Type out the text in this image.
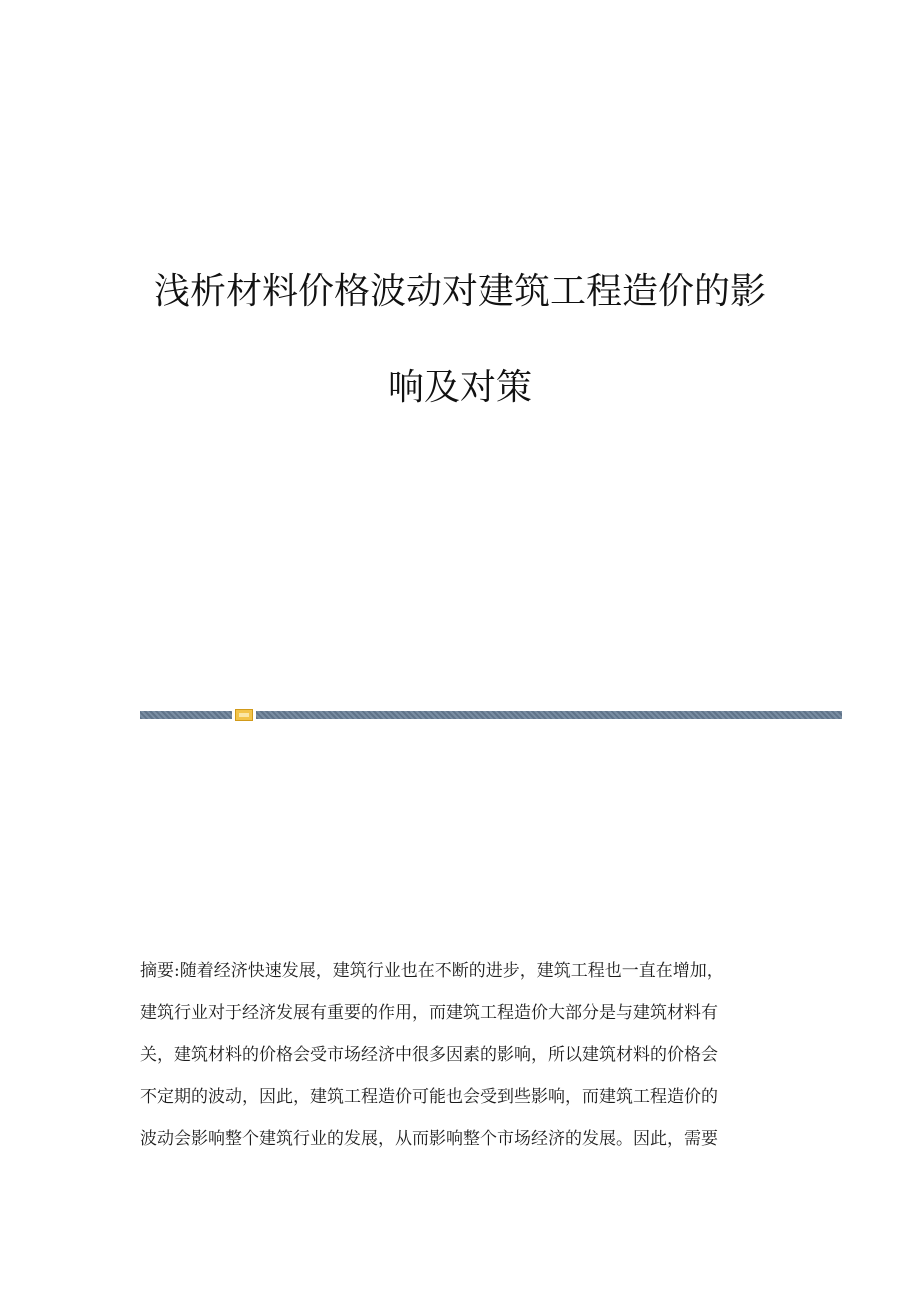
浅析材料价格波动对建筑工程造价的影
响及对策
摘要:随着经济快速发展，建筑行业也在不断的进步，建筑工程也一直在增加，
建筑行业对于经济发展有重要的作用，而建筑工程造价大部分是与建筑材料有
关，建筑材料的价格会受市场经济中很多因素的影响，所以建筑材料的价格会
不定期的波动，因此，建筑工程造价可能也会受到些影响，而建筑工程造价的
波动会影响整个建筑行业的发展，从而影响整个市场经济的发展。因此，需要
